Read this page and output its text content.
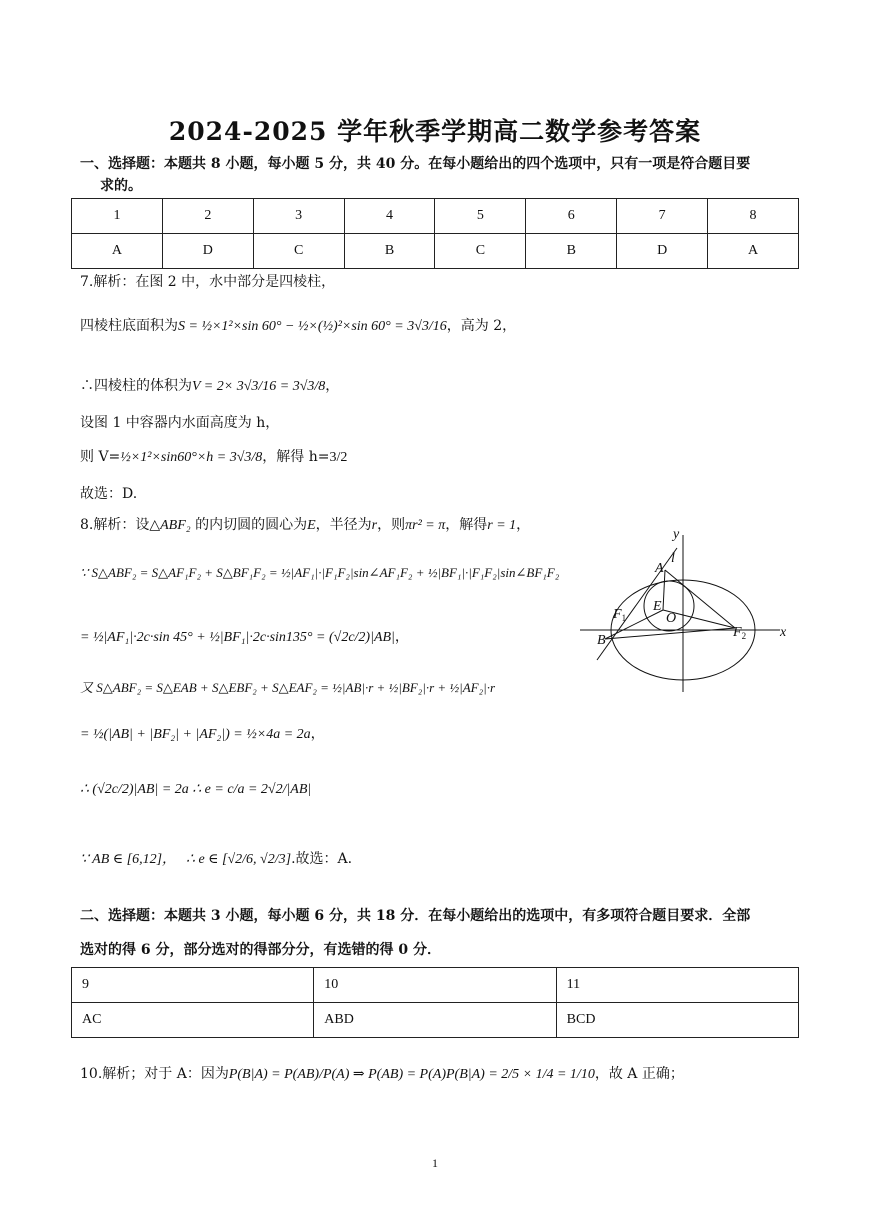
2024-2025 学年秋季学期高二数学参考答案
一、选择题：本题共 8 小题，每小题 5 分，共 40 分。在每小题给出的四个选项中，只有一项是符合题目要
求的。
1	2	3	4	5	6	7	8
A	D	C	B	C	B	D	A
7.解析：在图 2 中，水中部分是四棱柱，
四棱柱底面积为S = ½×1²×sin 60° − ½×(½)²×sin 60° = 3√3/16，高为 2，
∴四棱柱的体积为V = 2× 3√3/16 = 3√3/8，
设图 1 中容器内水面高度为 h，
则 V=½×1²×sin60°×h = 3√3/8，解得 h=3/2
故选：D.
8.解析：设△ABF₂ 的内切圆的圆心为E，半径为r，则πr² = π，解得r = 1，
∵ S△ABF₂ = S△AF₁F₂ + S△BF₁F₂ = ½|AF₁|·|F₁F₂|sin∠AF₁F₂ + ½|BF₁|·|F₁F₂|sin∠BF₁F₂
= ½|AF₁|·2c·sin 45° + ½|BF₁|·2c·sin135° = (√2c/2)|AB|，
又 S△ABF₂ = S△EAB + S△EBF₂ + S△EAF₂ = ½|AB|·r + ½|BF₂|·r + ½|AF₂|·r
= ½(|AB| + |BF₂| + |AF₂|) = ½×4a = 2a，
∴ (√2c/2)|AB| = 2a ∴ e = c/a = 2√2/|AB|
∵ AB ∈ [6,12]， ∴ e ∈ [√2/6, √2/3].故选：A.
y
x
l
A
E
O
$F_1$
$F_2$
B
二、选择题：本题共 3 小题，每小题 6 分，共 18 分．在每小题给出的选项中，有多项符合题目要求．全部
选对的得 6 分，部分选对的得部分分，有选错的得 0 分．
9	10	11
AC	ABD	BCD
10.解析；对于 A：因为P(B|A) = P(AB)/P(A) ⇒ P(AB) = P(A)P(B|A) = 2/5 × 1/4 = 1/10，故 A 正确；
1
